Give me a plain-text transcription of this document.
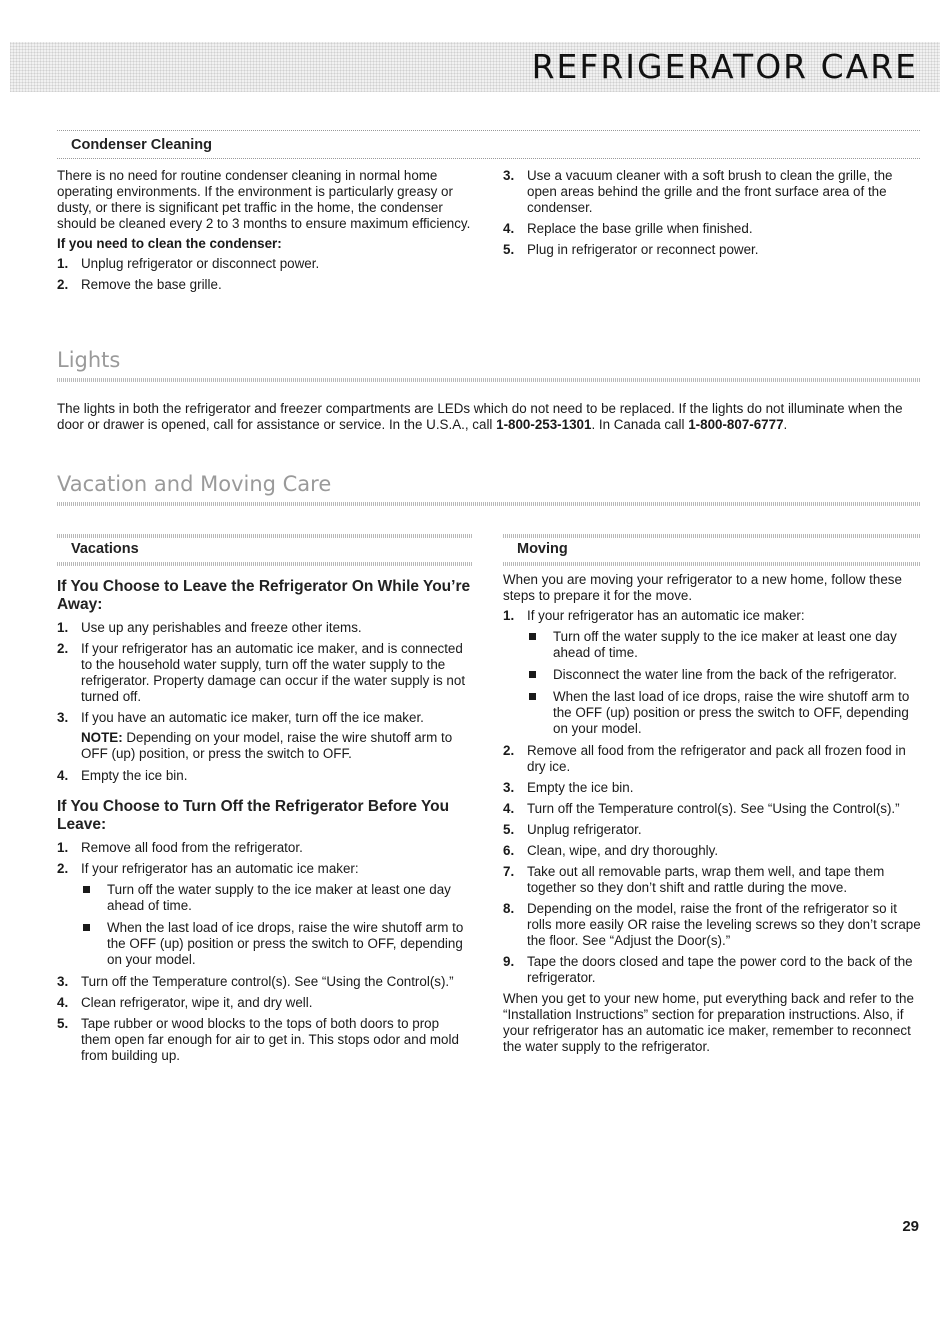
REFRIGERATOR CARE
Condenser Cleaning

There is no need for routine condenser cleaning in normal home operating environments. If the environment is particularly greasy or dusty, or there is significant pet traffic in the home, the condenser should be cleaned every 2 to 3 months to ensure maximum efficiency.

If you need to clean the condenser:

1. Unplug refrigerator or disconnect power.
2. Remove the base grille.
3. Use a vacuum cleaner with a soft brush to clean the grille, the open areas behind the grille and the front surface area of the condenser.
4. Replace the base grille when finished.
5. Plug in refrigerator or reconnect power.
Lights

The lights in both the refrigerator and freezer compartments are LEDs which do not need to be replaced. If the lights do not illuminate when the door or drawer is opened, call for assistance or service. In the U.S.A., call 1-800-253-1301. In Canada call 1-800-807-6777.

Vacation and Moving Care
Vacations	Moving
If You Choose to Leave the Refrigerator On While You’re Away:
1. Use up any perishables and freeze other items.
2. If your refrigerator has an automatic ice maker, and is connected to the household water supply, turn off the water supply to the refrigerator. Property damage can occur if the water supply is not turned off.
3. If you have an automatic ice maker, turn off the ice maker.
NOTE: Depending on your model, raise the wire shutoff arm to OFF (up) position, or press the switch to OFF.
4. Empty the ice bin.
If You Choose to Turn Off the Refrigerator Before You Leave:
1. Remove all food from the refrigerator.
2. If your refrigerator has an automatic ice maker:
Turn off the water supply to the ice maker at least one day ahead of time.
When the last load of ice drops, raise the wire shutoff arm to the OFF (up) position or press the switch to OFF, depending on your model.
3. Turn off the Temperature control(s). See “Using the Control(s).”
4. Clean refrigerator, wipe it, and dry well.
5. Tape rubber or wood blocks to the tops of both doors to prop them open far enough for air to get in. This stops odor and mold from building up.

When you are moving your refrigerator to a new home, follow these steps to prepare it for the move.

1. If your refrigerator has an automatic ice maker:
Turn off the water supply to the ice maker at least one day ahead of time.
Disconnect the water line from the back of the refrigerator.
When the last load of ice drops, raise the wire shutoff arm to the OFF (up) position or press the switch to OFF, depending on your model.
2. Remove all food from the refrigerator and pack all frozen food in dry ice.
3. Empty the ice bin.
4. Turn off the Temperature control(s). See “Using the Control(s).”
5. Unplug refrigerator.
6. Clean, wipe, and dry thoroughly.
7. Take out all removable parts, wrap them well, and tape them together so they don’t shift and rattle during the move.
8. Depending on the model, raise the front of the refrigerator so it rolls more easily OR raise the leveling screws so they don’t scrape the floor. See “Adjust the Door(s).”
9. Tape the doors closed and tape the power cord to the back of the refrigerator.

When you get to your new home, put everything back and refer to the “Installation Instructions” section for preparation instructions. Also, if your refrigerator has an automatic ice maker, remember to reconnect the water supply to the refrigerator.

29
